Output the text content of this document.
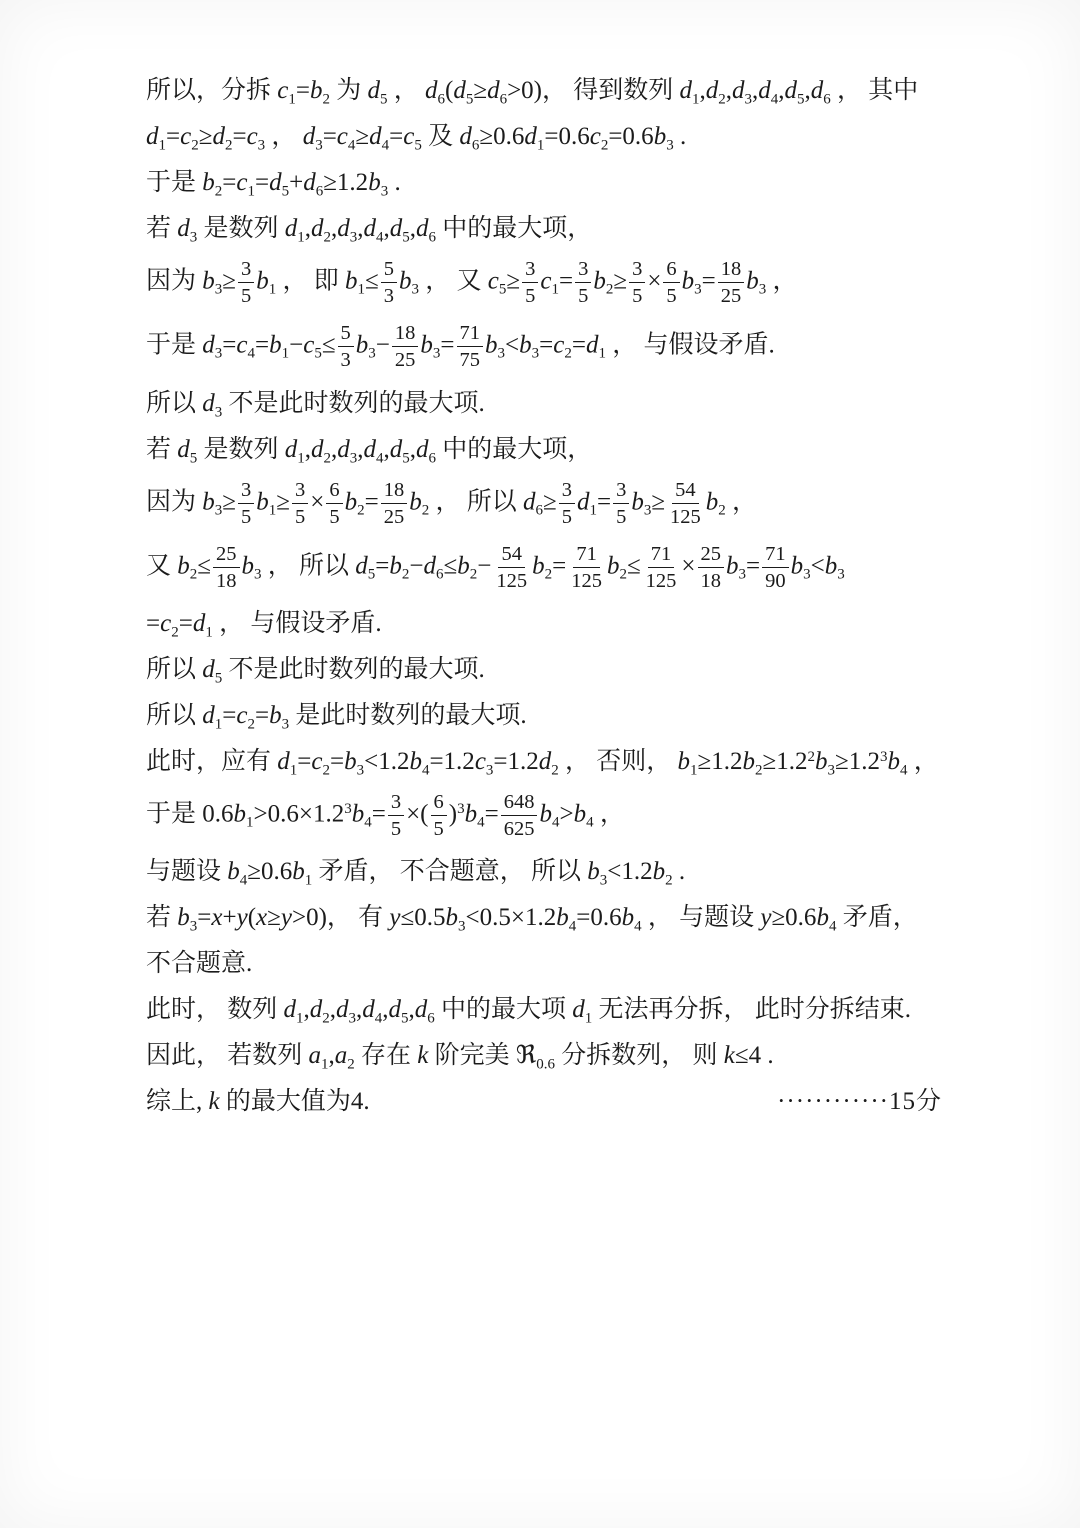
所以，分拆 $c_1=b_2$ 为 $d_5$ ， $d_6(d_5\ge d_6>0)$， 得到数列 $d_1,d_2,d_3,d_4,d_5,d_6$ ， 其中
$d_1=c_2\ge d_2=c_3$ ， $d_3=c_4\ge d_4=c_5$ 及 $d_6\ge 0.6d_1=0.6c_2=0.6b_3$ .
于是 $b_2=c_1=d_5+d_6\ge 1.2b_3$ .
若 $d_3$ 是数列 $d_1,d_2,d_3,d_4,d_5,d_6$ 中的最大项，
因为 $b_3\ge \frac{3}{5} b_1$ ， 即 $b_1\le \frac{5}{3} b_3$ ， 又 $c_5\ge \frac{3}{5} c_1= \frac{3}{5} b_2\ge \frac{3}{5} \times \frac{6}{5} b_3= \frac{18}{25} b_3$ ，
于是 $d_3=c_4=b_1-c_5\le \frac{5}{3} b_3- \frac{18}{25} b_3= \frac{71}{75} b_3<b_3=c_2=d_1$ ， 与假设矛盾.
所以 $d_3$ 不是此时数列的最大项.
若 $d_5$ 是数列 $d_1,d_2,d_3,d_4,d_5,d_6$ 中的最大项，
因为 $b_3\ge \frac{3}{5} b_1\ge \frac{3}{5} \times \frac{6}{5} b_2= \frac{18}{25} b_2$ ， 所以 $d_6\ge \frac{3}{5} d_1= \frac{3}{5} b_3\ge \frac{54}{125} b_2$ ，
又 $b_2\le \frac{25}{18} b_3$ ， 所以 $d_5=b_2-d_6\le b_2- \frac{54}{125} b_2= \frac{71}{125} b_2\le \frac{71}{125} \times \frac{25}{18} b_3= \frac{71}{90} b_3<b_3$
$=c_2=d_1$ ， 与假设矛盾.
所以 $d_5$ 不是此时数列的最大项.
所以 $d_1=c_2=b_3$ 是此时数列的最大项.
此时，应有 $d_1=c_2=b_3<1.2b_4=1.2c_3=1.2d_2$ ， 否则， $b_1\ge 1.2b_2\ge 1.2^2b_3\ge 1.2^3b_4$ ，
于是 $0.6b_1>0.6\times 1.2^3b_4= \frac{3}{5}$ ×( $\frac{6}{5} )^3b_4= \frac{648}{625} b_4>b_4$ ，
与题设 $b_4\ge 0.6b_1$ 矛盾， 不合题意， 所以 $b_3<1.2b_2$ .
若 $b_3=x+y(x\ge y>0)$， 有 $y\le 0.5b_3<0.5\times 1.2b_4=0.6b_4$ ， 与题设 $y\ge 0.6b_4$ 矛盾，
不合题意.
此时， 数列 $d_1,d_2,d_3,d_4,d_5,d_6$ 中的最大项 $d_1$ 无法再分拆， 此时分拆结束.
因此， 若数列 $a_1,a_2$ 存在 k 阶完美 ℜ$_{0.6}$ 分拆数列， 则 k≤4 .
综上, k 的最大值为4.	············15分
